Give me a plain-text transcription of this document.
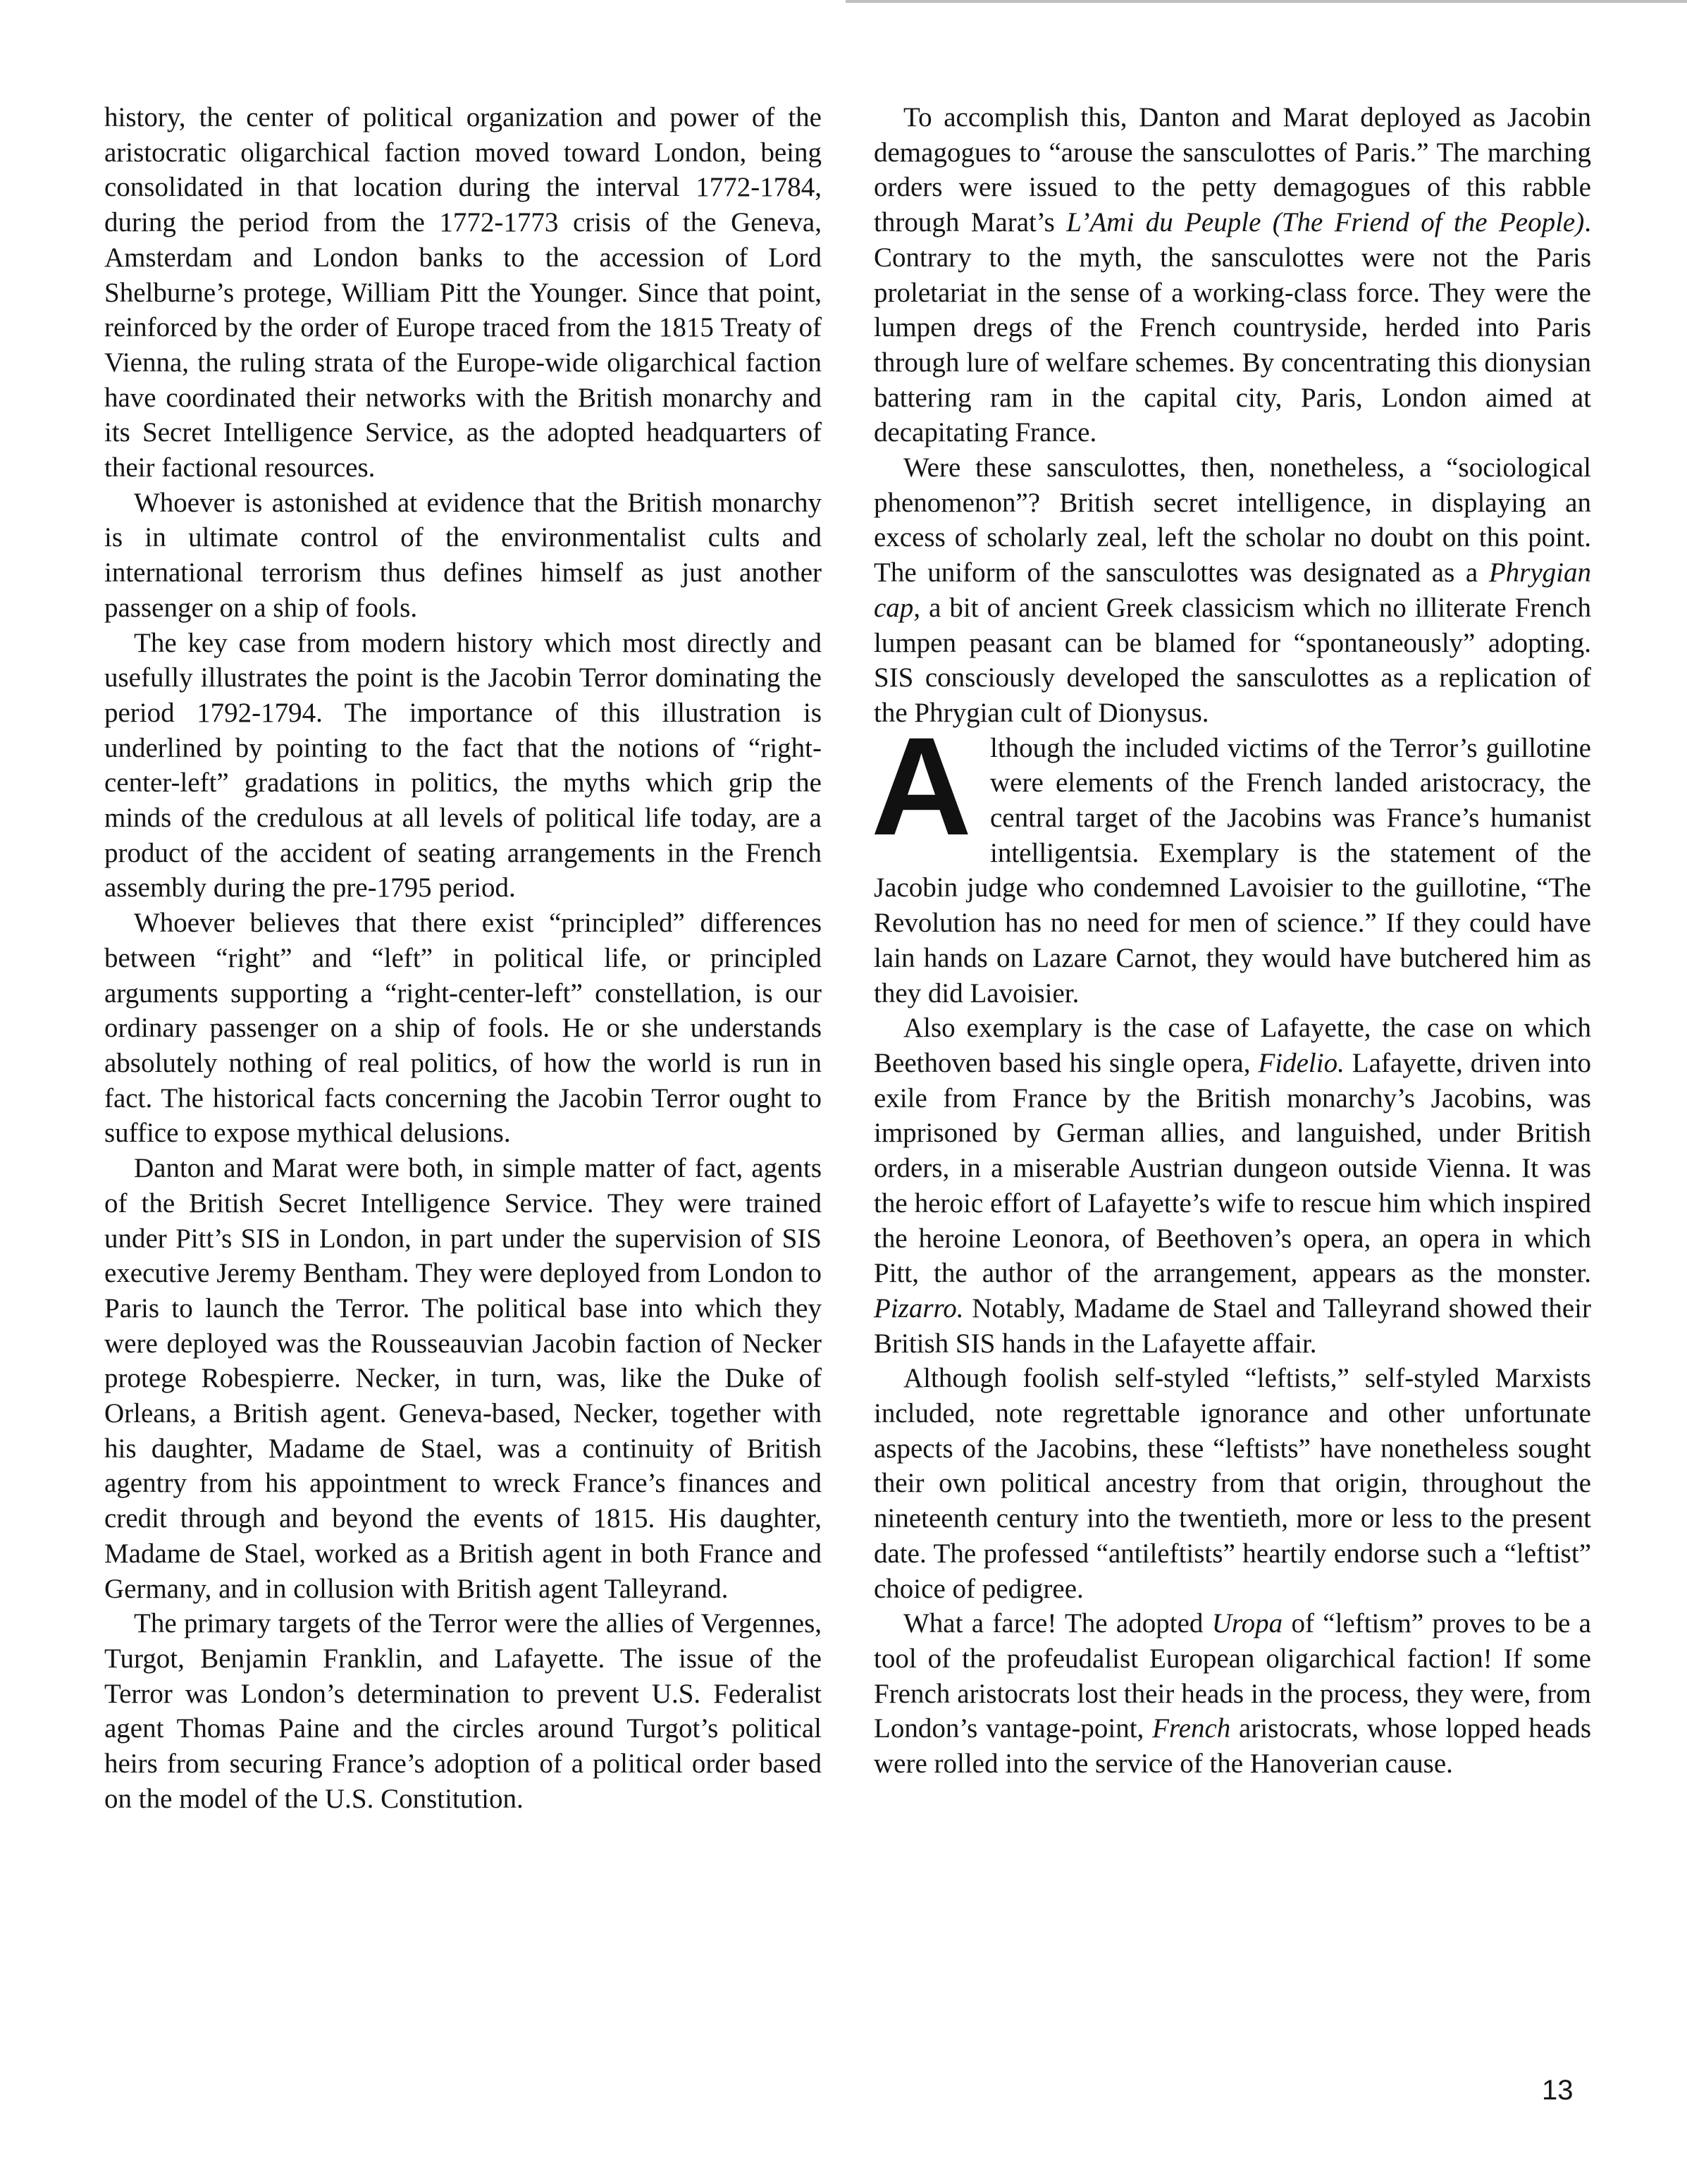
history, the center of political organization and power of the aristocratic oligarchical faction moved toward London, being consolidated in that location during the interval 1772-1784, during the period from the 1772-1773 crisis of the Geneva, Amsterdam and London banks to the accession of Lord Shelburne’s protege, William Pitt the Younger. Since that point, reinforced by the order of Europe traced from the 1815 Treaty of Vienna, the ruling strata of the Europe-wide oligarchical faction have coordinated their networks with the British monarchy and its Secret Intelligence Service, as the adopted headquarters of their factional resources.

Whoever is astonished at evidence that the British monarchy is in ultimate control of the environmentalist cults and international terrorism thus defines himself as just another passenger on a ship of fools.

The key case from modern history which most directly and usefully illustrates the point is the Jacobin Terror dominating the period 1792-1794. The importance of this illustration is underlined by pointing to the fact that the notions of “right-center-left” gradations in politics, the myths which grip the minds of the credulous at all levels of political life today, are a product of the accident of seating arrangements in the French assembly during the pre-1795 period.

Whoever believes that there exist “principled” differences between “right” and “left” in political life, or principled arguments supporting a “right-center-left” constellation, is our ordinary passenger on a ship of fools. He or she understands absolutely nothing of real politics, of how the world is run in fact. The historical facts concerning the Jacobin Terror ought to suffice to expose mythical delusions.

Danton and Marat were both, in simple matter of fact, agents of the British Secret Intelligence Service. They were trained under Pitt’s SIS in London, in part under the supervision of SIS executive Jeremy Bentham. They were deployed from London to Paris to launch the Terror. The political base into which they were deployed was the Rousseauvian Jacobin faction of Necker protege Robespierre. Necker, in turn, was, like the Duke of Orleans, a British agent. Geneva-based, Necker, together with his daughter, Madame de Stael, was a continuity of British agentry from his appointment to wreck France’s finances and credit through and beyond the events of 1815. His daughter, Madame de Stael, worked as a British agent in both France and Germany, and in collusion with British agent Talleyrand.

The primary targets of the Terror were the allies of Vergennes, Turgot, Benjamin Franklin, and Lafayette. The issue of the Terror was London’s determination to prevent U.S. Federalist agent Thomas Paine and the circles around Turgot’s political heirs from securing France’s adoption of a political order based on the model of the U.S. Constitution.

To accomplish this, Danton and Marat deployed as Jacobin demagogues to “arouse the sansculottes of Paris.” The marching orders were issued to the petty demagogues of this rabble through Marat’s L’Ami du Peuple (The Friend of the People). Contrary to the myth, the sansculottes were not the Paris proletariat in the sense of a working-class force. They were the lumpen dregs of the French countryside, herded into Paris through lure of welfare schemes. By concentrating this dionysian battering ram in the capital city, Paris, London aimed at decapitating France.

Were these sansculottes, then, nonetheless, a “sociological phenomenon”? British secret intelligence, in displaying an excess of scholarly zeal, left the scholar no doubt on this point. The uniform of the sansculottes was designated as a Phrygian cap, a bit of ancient Greek classicism which no illiterate French lumpen peasant can be blamed for “spontaneously” adopting. SIS consciously developed the sansculottes as a replication of the Phrygian cult of Dionysus.

Although the included victims of the Terror’s guillotine were elements of the French landed aristocracy, the central target of the Jacobins was France’s humanist intelligentsia. Exemplary is the statement of the Jacobin judge who condemned Lavoisier to the guillotine, “The Revolution has no need for men of science.” If they could have lain hands on Lazare Carnot, they would have butchered him as they did Lavoisier.

Also exemplary is the case of Lafayette, the case on which Beethoven based his single opera, Fidelio. Lafayette, driven into exile from France by the British monarchy’s Jacobins, was imprisoned by German allies, and languished, under British orders, in a miserable Austrian dungeon outside Vienna. It was the heroic effort of Lafayette’s wife to rescue him which inspired the heroine Leonora, of Beethoven’s opera, an opera in which Pitt, the author of the arrangement, appears as the monster. Pizarro. Notably, Madame de Stael and Talleyrand showed their British SIS hands in the Lafayette affair.

Although foolish self-styled “leftists,” self-styled Marxists included, note regrettable ignorance and other unfortunate aspects of the Jacobins, these “leftists” have nonetheless sought their own political ancestry from that origin, throughout the nineteenth century into the twentieth, more or less to the present date. The professed “antileftists” heartily endorse such a “leftist” choice of pedigree.

What a farce! The adopted Uropa of “leftism” proves to be a tool of the profeudalist European oligarchical faction! If some French aristocrats lost their heads in the process, they were, from London’s vantage-point, French aristocrats, whose lopped heads were rolled into the service of the Hanoverian cause.

13
